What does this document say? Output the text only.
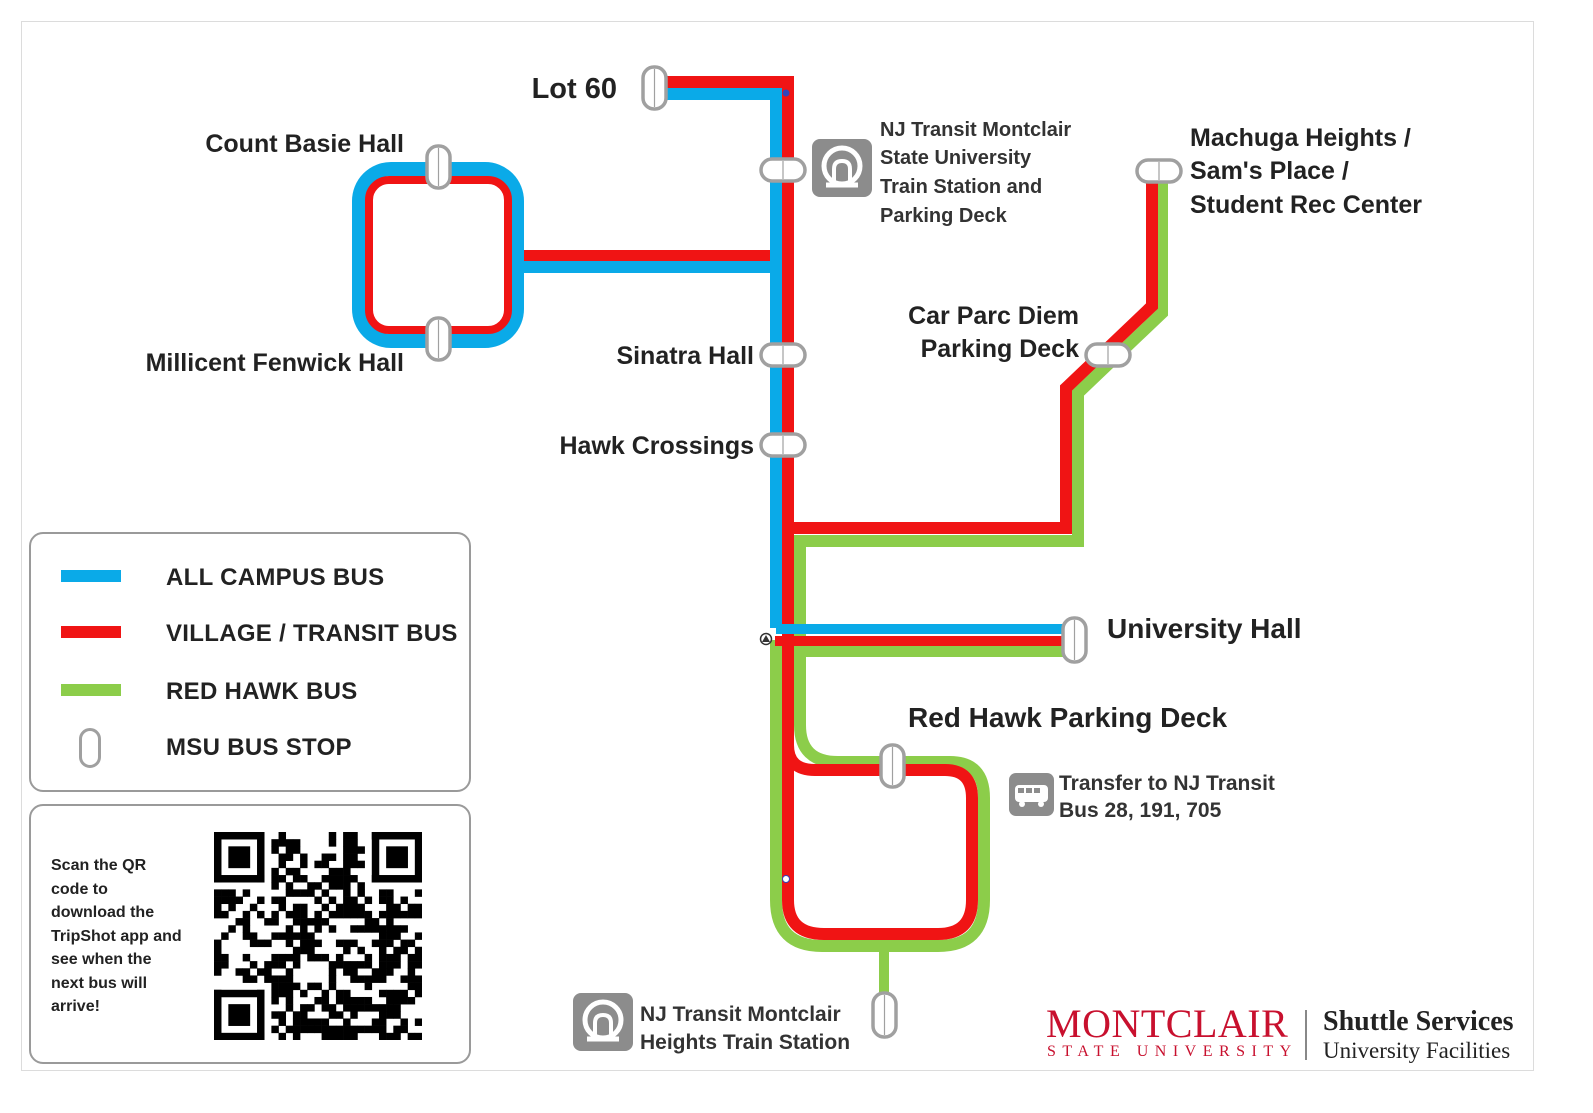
Lot 60
Count Basie Hall
Millicent Fenwick Hall	Sinatra Hall
Hawk Crossings
University Hall
Red Hawk Parking Deck
Car Parc Diem
Parking Deck
Machuga Heights /
Sam's Place /
Student Rec Center
NJ Transit Montclair
State University
Train Station and
Parking Deck
NJ Transit Montclair
Heights Train Station
Transfer to NJ Transit
Bus 28, 191, 705
ALL CAMPUS BUS
VILLAGE / TRANSIT BUS
RED HAWK BUS
MSU BUS STOP
Scan the QR code to download the TripShot app and see when the next bus will arrive!	MONTCLAIR
STATE UNIVERSITY
Shuttle Services
University Facilities
